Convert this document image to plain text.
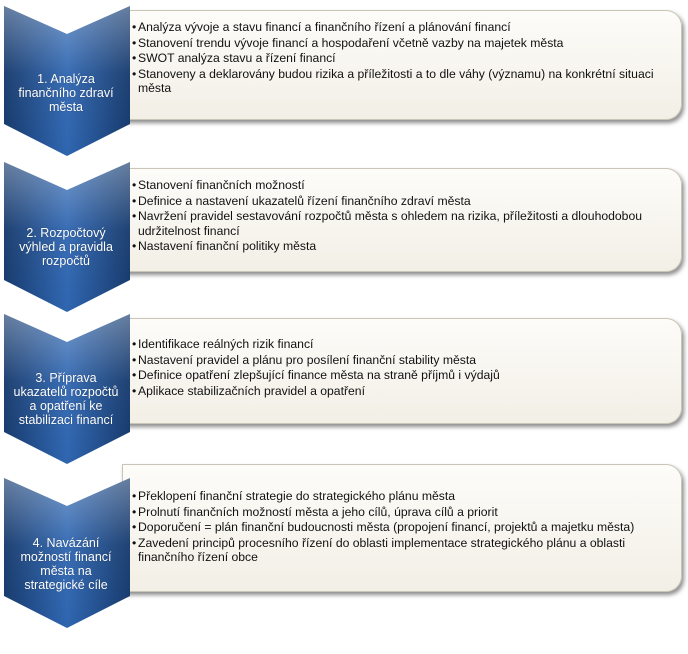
• Analýza vývoje a stavu financí a finančního řízení a plánování financí
• Stanovení trendu vývoje financí a hospodaření včetně vazby na majetek města
• SWOT analýza stavu a řízení financí
• Stanoveny a deklarovány budou rizika a příležitosti a to dle váhy (významu) na konkrétní situaci města
1. Analýza finančního zdraví města
• Stanovení finančních možností
• Definice a nastavení ukazatelů řízení finančního zdraví města
• Navržení pravidel sestavování rozpočtů města s ohledem na rizika, příležitosti a dlouhodobou udržitelnost financí
• Nastavení finanční politiky města
2. Rozpočtový výhled a pravidla rozpočtů
• Identifikace reálných rizik financí
• Nastavení pravidel a plánu pro posílení finanční stability města
• Definice opatření zlepšující finance města na straně příjmů i výdajů
• Aplikace stabilizačních pravidel a opatření
3. Příprava ukazatelů rozpočtů a opatření ke stabilizaci financí
• Překlopení finanční strategie do strategického plánu města
• Prolnutí finančních možností města a jeho cílů, úprava cílů a priorit
• Doporučení = plán finanční budoucnosti města (propojení financí, projektů a majetku města)
• Zavedení principů procesního řízení do oblasti implementace strategického plánu a oblasti finančního řízení obce
4. Navázání možností financí města na strategické cíle
